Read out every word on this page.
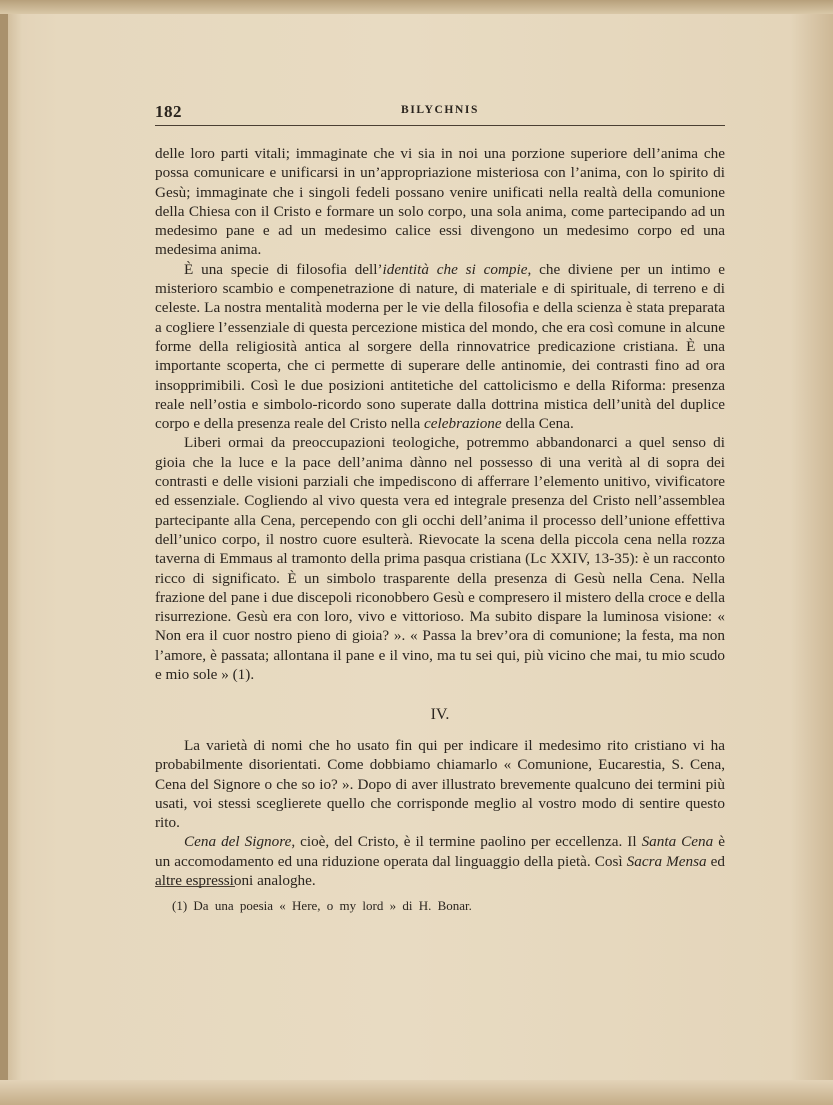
182	BILYCHNIS

delle loro parti vitali; immaginate che vi sia in noi una porzione superiore dell’anima che possa comunicare e unificarsi in un’appropriazione misteriosa con l’anima, con lo spirito di Gesù; immaginate che i singoli fedeli possano venire unificati nella realtà della comunione della Chiesa con il Cristo e formare un solo corpo, una sola anima, come partecipando ad un medesimo pane e ad un medesimo calice essi divengono un medesimo corpo ed una medesima anima.

È una specie di filosofia dell’identità che si compie, che diviene per un intimo e misterioro scambio e compenetrazione di nature, di materiale e di spirituale, di terreno e di celeste. La nostra mentalità moderna per le vie della filosofia e della scienza è stata preparata a cogliere l’essenziale di questa percezione mistica del mondo, che era così comune in alcune forme della religiosità antica al sorgere della rinnovatrice predicazione cristiana. È una importante scoperta, che ci permette di superare delle antinomie, dei contrasti fino ad ora insopprimibili. Così le due posizioni antitetiche del cattolicismo e della Riforma: presenza reale nell’ostia e simbolo-ricordo sono superate dalla dottrina mistica dell’unità del duplice corpo e della presenza reale del Cristo nella celebrazione della Cena.

Liberi ormai da preoccupazioni teologiche, potremmo abbandonarci a quel senso di gioia che la luce e la pace dell’anima dànno nel possesso di una verità al di sopra dei contrasti e delle visioni parziali che impediscono di afferrare l’elemento unitivo, vivificatore ed essenziale. Cogliendo al vivo questa vera ed integrale presenza del Cristo nell’assemblea partecipante alla Cena, percependo con gli occhi dell’anima il processo dell’unione effettiva dell’unico corpo, il nostro cuore esulterà. Rievocate la scena della piccola cena nella rozza taverna di Emmaus al tramonto della prima pasqua cristiana (Lc XXIV, 13-35): è un racconto ricco di significato. È un simbolo trasparente della presenza di Gesù nella Cena. Nella frazione del pane i due discepoli riconobbero Gesù e compresero il mistero della croce e della risurrezione. Gesù era con loro, vivo e vittorioso. Ma subito dispare la luminosa visione: « Non era il cuor nostro pieno di gioia? ». « Passa la brev’ora di comunione; la festa, ma non l’amore, è passata; allontana il pane e il vino, ma tu sei qui, più vicino che mai, tu mio scudo e mio sole » (1).

IV.

La varietà di nomi che ho usato fin qui per indicare il medesimo rito cristiano vi ha probabilmente disorientati. Come dobbiamo chiamarlo « Comunione, Eucarestia, S. Cena, Cena del Signore o che so io? ». Dopo di aver illustrato brevemente qualcuno dei termini più usati, voi stessi sceglierete quello che corrisponde meglio al vostro modo di sentire questo rito.

Cena del Signore, cioè, del Cristo, è il termine paolino per eccellenza. Il Santa Cena è un accomodamento ed una riduzione operata dal linguaggio della pietà. Così Sacra Mensa ed altre espressioni analoghe.

(1) Da una poesia « Here, o my lord » di H. Bonar.
